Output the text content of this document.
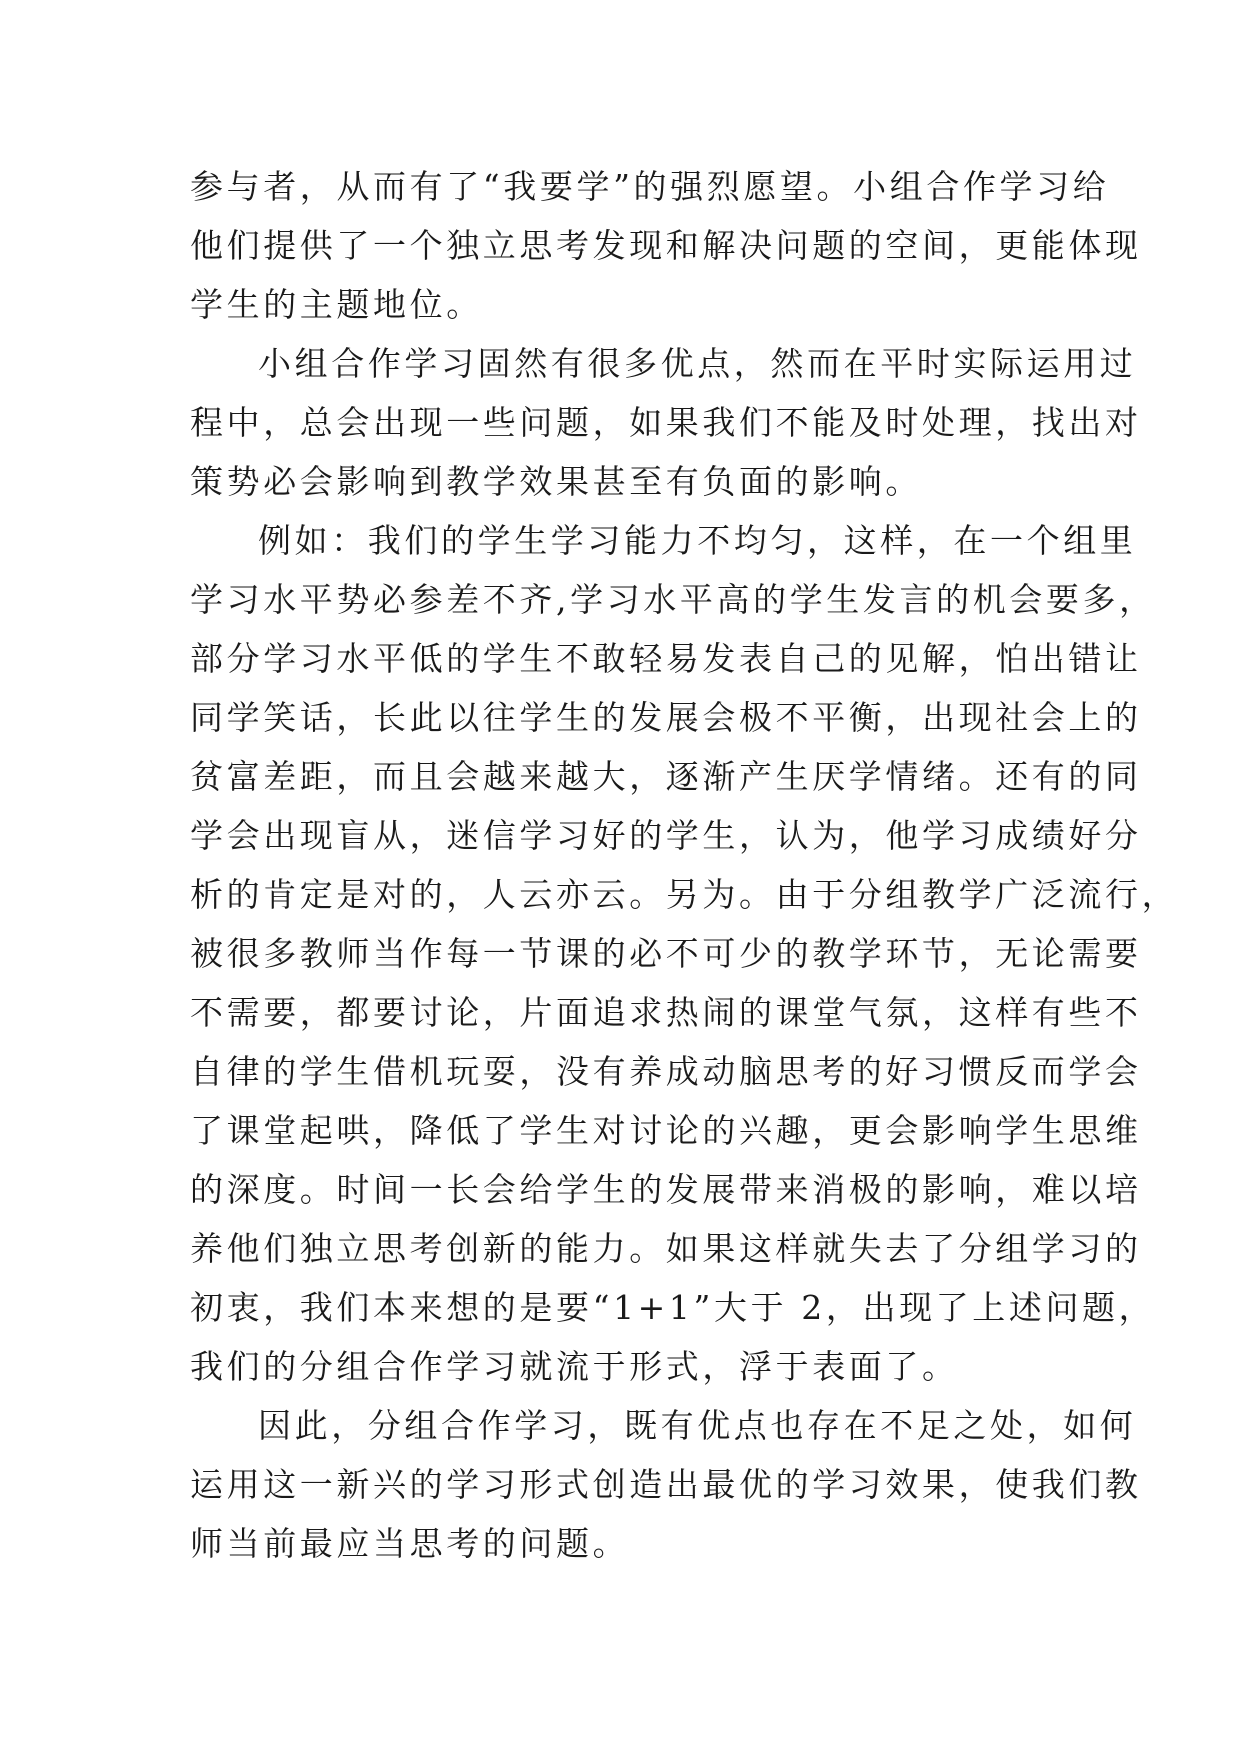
参与者，从而有了“我要学”的强烈愿望。小组合作学习给
他们提供了一个独立思考发现和解决问题的空间，更能体现
学生的主题地位。
小组合作学习固然有很多优点，然而在平时实际运用过
程中，总会出现一些问题，如果我们不能及时处理，找出对
策势必会影响到教学效果甚至有负面的影响。
例如：我们的学生学习能力不均匀，这样，在一个组里
学习水平势必参差不齐,学习水平高的学生发言的机会要多，
部分学习水平低的学生不敢轻易发表自己的见解，怕出错让
同学笑话，长此以往学生的发展会极不平衡，出现社会上的
贫富差距，而且会越来越大，逐渐产生厌学情绪。还有的同
学会出现盲从，迷信学习好的学生，认为，他学习成绩好分
析的肯定是对的，人云亦云。另为。由于分组教学广泛流行，
被很多教师当作每一节课的必不可少的教学环节，无论需要
不需要，都要讨论，片面追求热闹的课堂气氛，这样有些不
自律的学生借机玩耍，没有养成动脑思考的好习惯反而学会
了课堂起哄，降低了学生对讨论的兴趣，更会影响学生思维
的深度。时间一长会给学生的发展带来消极的影响，难以培
养他们独立思考创新的能力。如果这样就失去了分组学习的
初衷，我们本来想的是要“1+1”大于 2，出现了上述问题，
我们的分组合作学习就流于形式，浮于表面了。
因此，分组合作学习，既有优点也存在不足之处，如何
运用这一新兴的学习形式创造出最优的学习效果，使我们教
师当前最应当思考的问题。
